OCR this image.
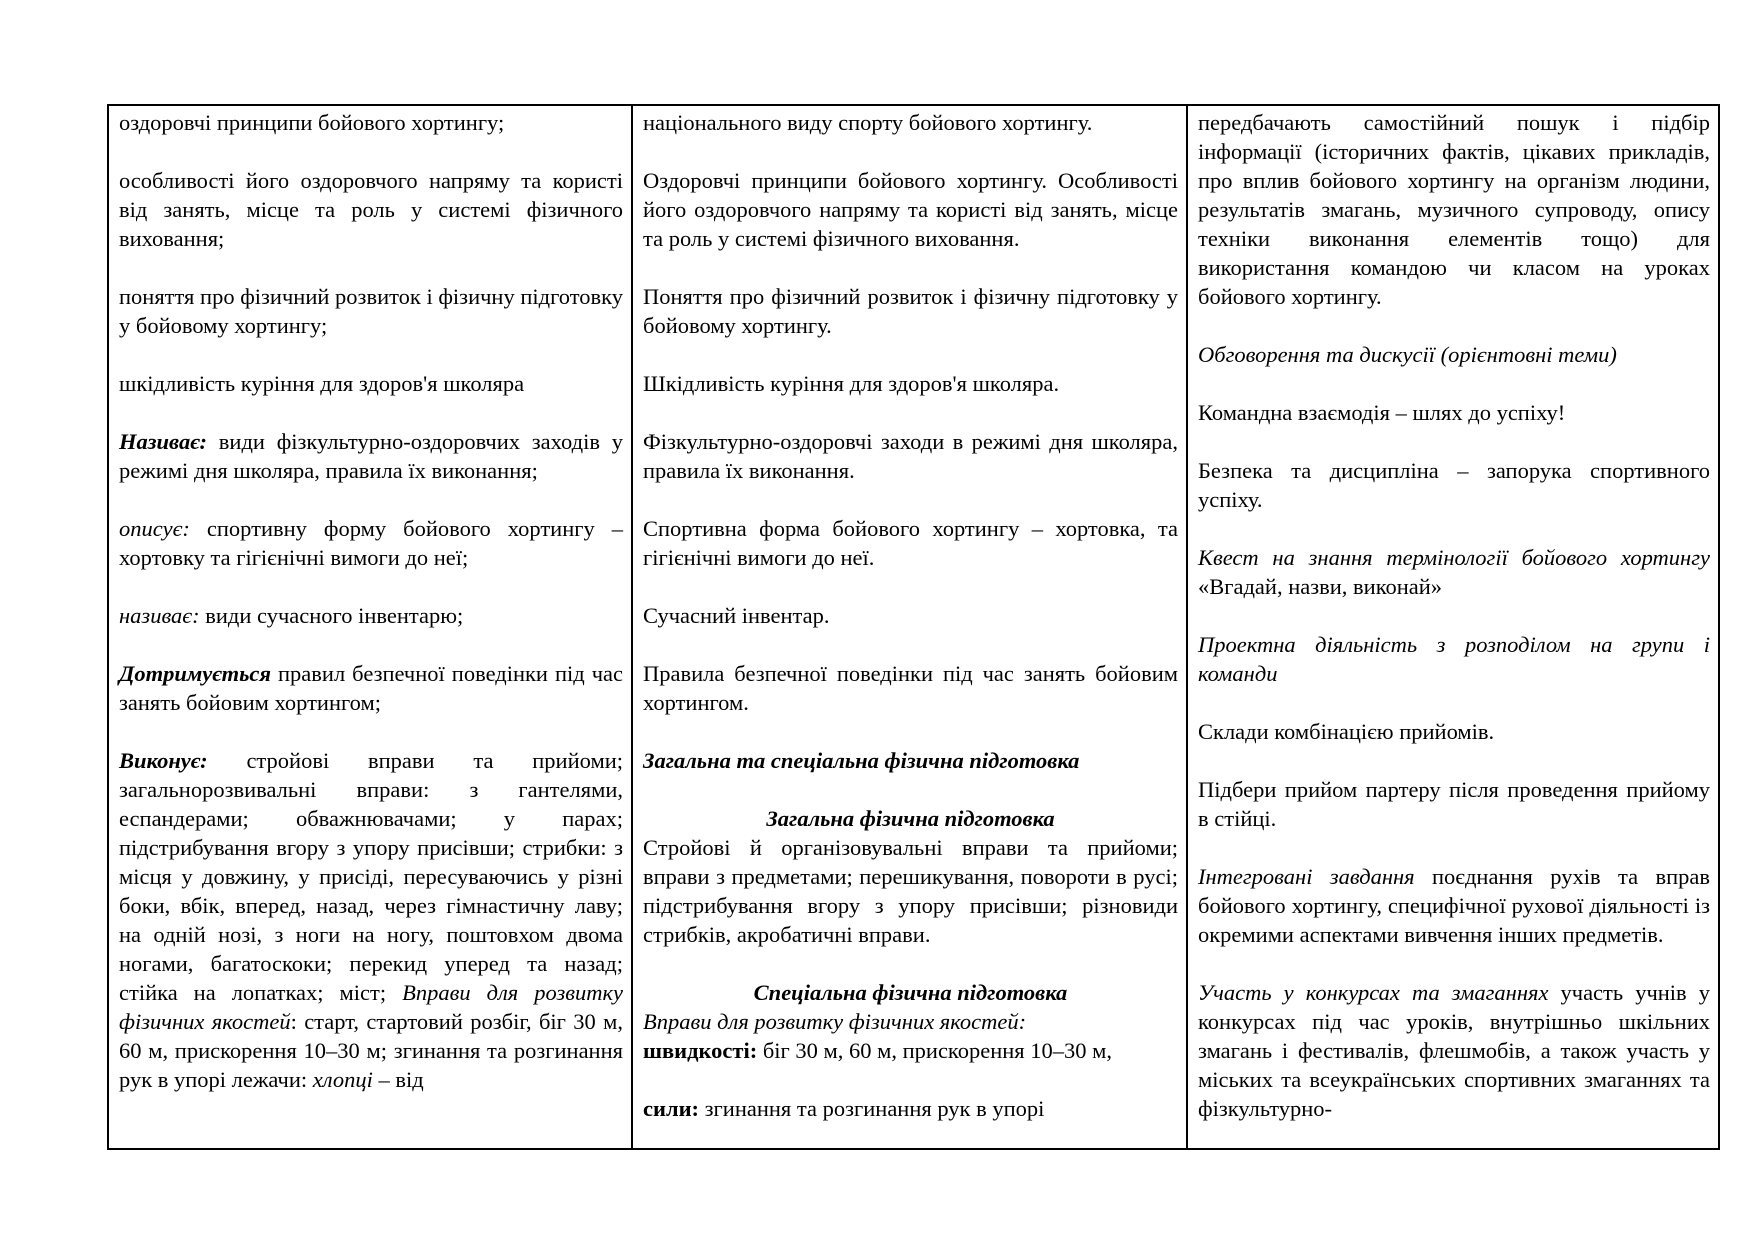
оздоровчі принципи бойового хортингу;

особливості його оздоровчого напряму та користі від занять, місце та роль у системі фізичного виховання;

поняття про фізичний розвиток і фізичну підготовку у бойовому хортингу;

шкідливість куріння для здоров'я школяра

Називає: види фізкультурно-оздоровчих заходів у режимі дня школяра, правила їх виконання;

описує: спортивну форму бойового хортингу – хортовку та гігієнічні вимоги до неї;

називає: види сучасного інвентарю;

Дотримується правил безпечної поведінки під час занять бойовим хортингом;

Виконує: стройові вправи та прийоми; загальнорозвивальні вправи: з гантелями, еспандерами; обважнювачами; у парах; підстрибування вгору з упору присівши; стрибки: з місця у довжину, у присіді, пересуваючись у різні боки, вбік, вперед, назад, через гімнастичну лаву; на одній нозі, з ноги на ногу, поштовхом двома ногами, багатоскоки; перекид уперед та назад; стійка на лопатках; міст; Вправи для розвитку фізичних якостей: старт, стартовий розбіг, біг 30 м, 60 м, прискорення 10–30 м; згинання та розгинання рук в упорі лежачи: хлопці – від

національного виду спорту бойового хортингу.

Оздоровчі принципи бойового хортингу. Особливості його оздоровчого напряму та користі від занять, місце та роль у системі фізичного виховання.

Поняття про фізичний розвиток і фізичну підготовку у бойовому хортингу.

Шкідливість куріння для здоров'я школяра.

Фізкультурно-оздоровчі заходи в режимі дня школяра, правила їх виконання.

Спортивна форма бойового хортингу – хортовка, та гігієнічні вимоги до неї.

Сучасний інвентар.

Правила безпечної поведінки під час занять бойовим хортингом.

Загальна та спеціальна фізична підготовка

Загальна фізична підготовка

Стройові й організовувальні вправи та прийоми; вправи з предметами; перешикування, повороти в русі; підстрибування вгору з упору присівши; різновиди стрибків, акробатичні вправи.

Спеціальна фізична підготовка

Вправи для розвитку фізичних якостей:

швидкості: біг 30 м, 60 м, прискорення 10–30 м,

сили: згинання та розгинання рук в упорі

передбачають самостійний пошук і підбір інформації (історичних фактів, цікавих прикладів, про вплив бойового хортингу на організм людини, результатів змагань, музичного супроводу, опису техніки виконання елементів тощо) для використання командою чи класом на уроках бойового хортингу.

Обговорення та дискусії (орієнтовні теми)

Командна взаємодія – шлях до успіху!

Безпека та дисципліна – запорука спортивного успіху.

Квест на знання термінології бойового хортингу «Вгадай, назви, виконай»

Проектна діяльність з розподілом на групи і команди

Склади комбінацією прийомів.

Підбери прийом партеру після проведення прийому в стійці.

Інтегровані завдання поєднання рухів та вправ бойового хортингу, специфічної рухової діяльності із окремими аспектами вивчення інших предметів.

Участь у конкурсах та змаганнях участь учнів у конкурсах під час уроків, внутрішньо шкільних змагань і фестивалів, флешмобів, а також участь у міських та всеукраїнських спортивних змаганнях та фізкультурно-
